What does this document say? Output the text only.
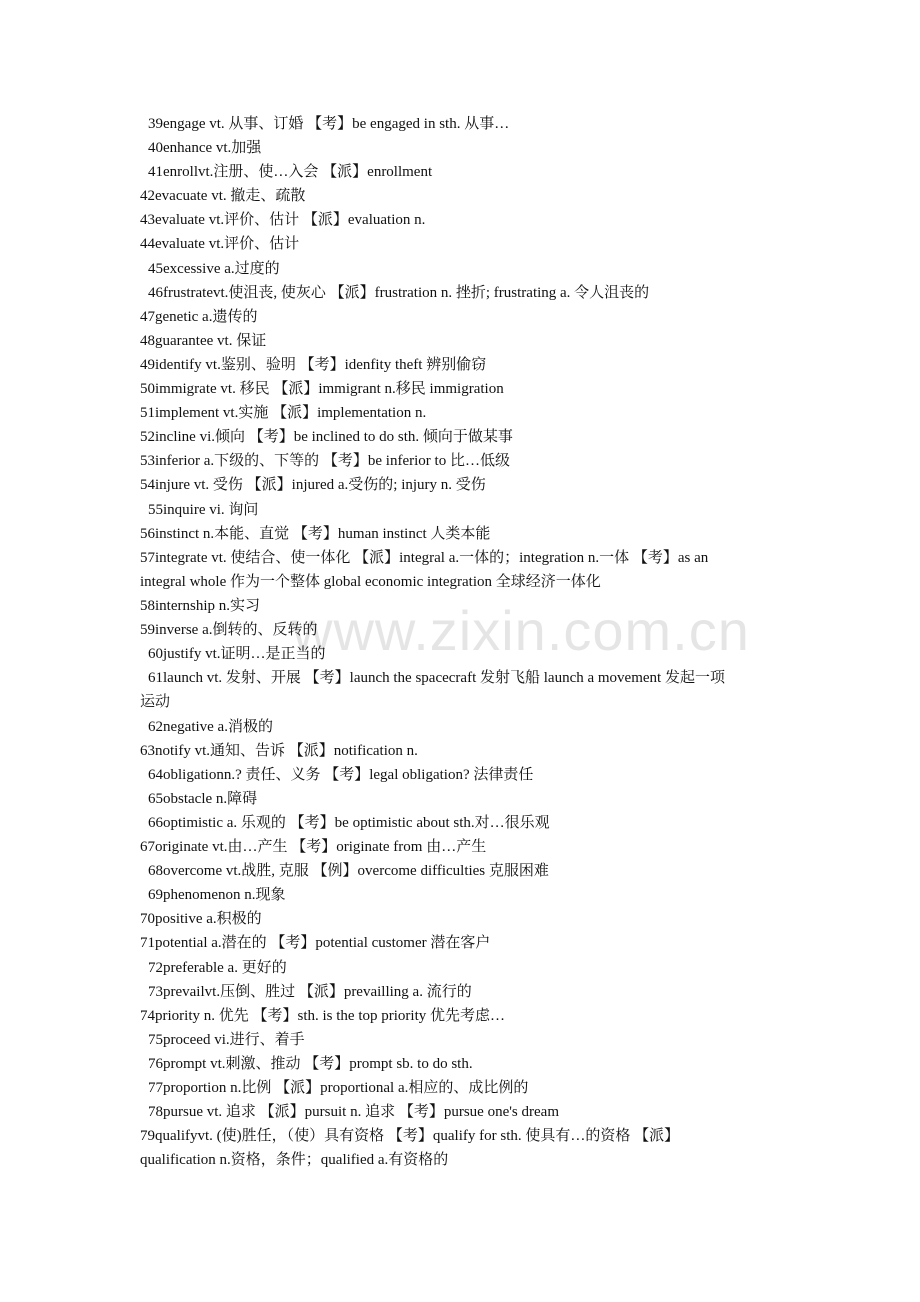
www.zixin.com.cn
39engage vt. 从事、订婚 【考】be engaged in sth. 从事…
40enhance vt.加强
41enrollvt.注册、使…入会 【派】enrollment
42evacuate vt. 撤走、疏散
43evaluate vt.评价、估计 【派】evaluation n.
44evaluate vt.评价、估计
45excessive a.过度的
46frustratevt.使沮丧, 使灰心 【派】frustration n. 挫折; frustrating a. 令人沮丧的
47genetic a.遗传的
48guarantee vt. 保证
49identify vt.鉴别、验明 【考】idenfity theft 辨别偷窃
50immigrate vt. 移民 【派】immigrant n.移民 immigration
51implement vt.实施 【派】implementation n.
52incline vi.倾向 【考】be inclined to do sth. 倾向于做某事
53inferior a.下级的、下等的 【考】be inferior to 比…低级
54injure vt. 受伤 【派】injured a.受伤的; injury n. 受伤
55inquire vi. 询问
56instinct n.本能、直觉 【考】human instinct 人类本能
57integrate vt. 使结合、使一体化 【派】integral a.一体的；integration n.一体 【考】as an
integral whole 作为一个整体 global economic integration 全球经济一体化
58internship n.实习
59inverse a.倒转的、反转的
60justify vt.证明…是正当的
61launch vt. 发射、开展 【考】launch the spacecraft 发射飞船 launch a movement 发起一项
运动
62negative a.消极的
63notify vt.通知、告诉 【派】notification n.
64obligationn.? 责任、义务 【考】legal obligation? 法律责任
65obstacle n.障碍
66optimistic a. 乐观的 【考】be optimistic about sth.对…很乐观
67originate vt.由…产生 【考】originate from 由…产生
68overcome vt.战胜, 克服 【例】overcome difficulties 克服困难
69phenomenon n.现象
70positive a.积极的
71potential a.潜在的 【考】potential customer 潜在客户
72preferable a. 更好的
73prevailvt.压倒、胜过 【派】prevailling a. 流行的
74priority n. 优先 【考】sth. is the top priority 优先考虑…
75proceed vi.进行、着手
76prompt vt.刺激、推动 【考】prompt sb. to do sth.
77proportion n.比例 【派】proportional a.相应的、成比例的
78pursue vt. 追求 【派】pursuit n. 追求 【考】pursue one's dream
79qualifyvt. (使)胜任，（使）具有资格 【考】qualify for sth. 使具有…的资格 【派】
qualification n.资格，条件；qualified a.有资格的
